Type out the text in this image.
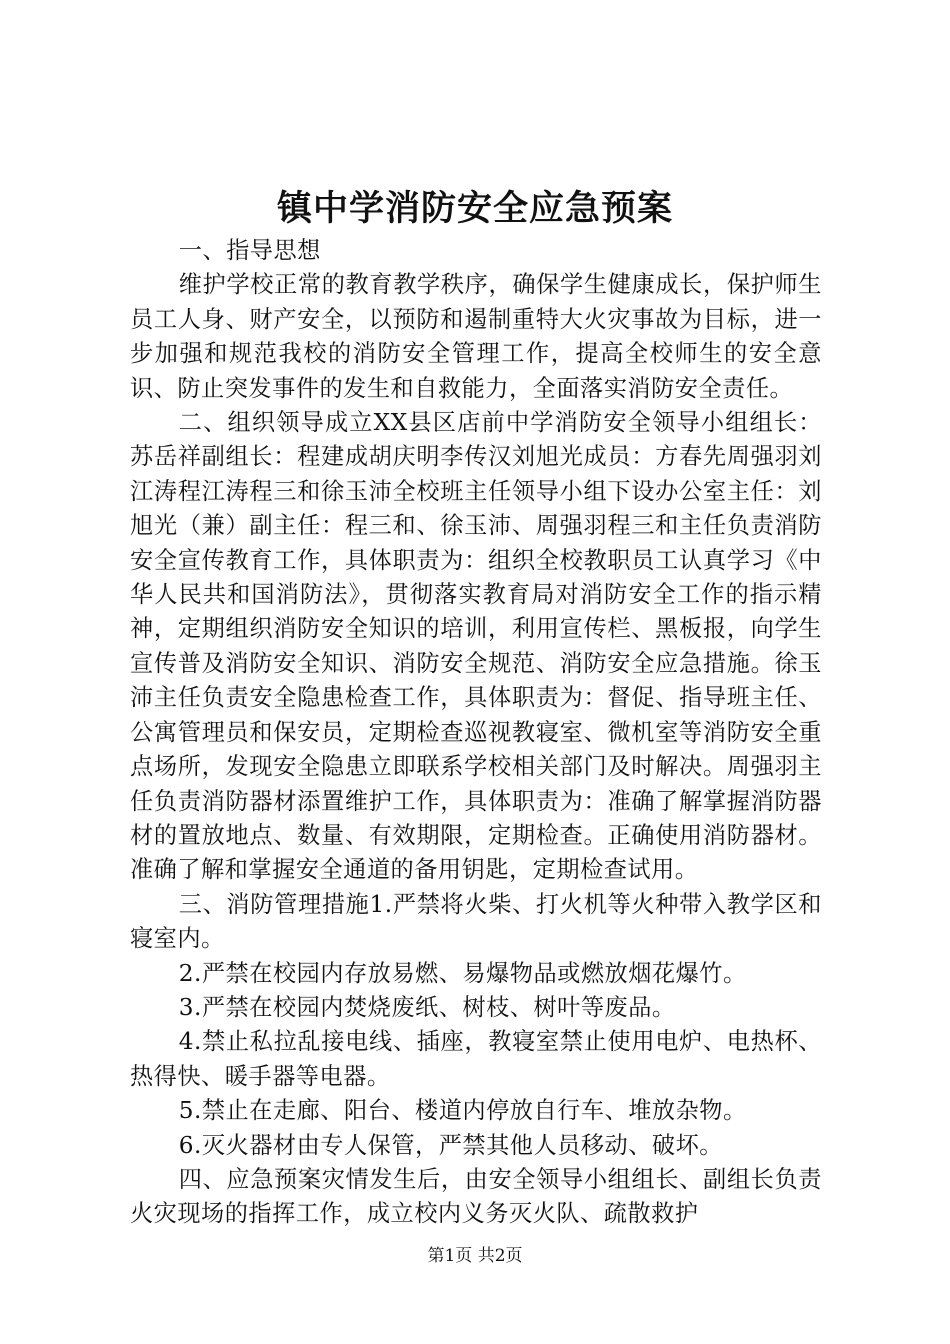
镇中学消防安全应急预案

一、指导思想

维护学校正常的教育教学秩序，确保学生健康成长，保护师生员工人身、财产安全，以预防和遏制重特大火灾事故为目标，进一步加强和规范我校的消防安全管理工作，提高全校师生的安全意识、防止突发事件的发生和自救能力，全面落实消防安全责任。

二、组织领导成立XX县区店前中学消防安全领导小组组长：苏岳祥副组长：程建成胡庆明李传汉刘旭光成员：方春先周强羽刘江涛程江涛程三和徐玉沛全校班主任领导小组下设办公室主任：刘旭光（兼）副主任：程三和、徐玉沛、周强羽程三和主任负责消防安全宣传教育工作，具体职责为：组织全校教职员工认真学习《中华人民共和国消防法》，贯彻落实教育局对消防安全工作的指示精神，定期组织消防安全知识的培训，利用宣传栏、黑板报，向学生宣传普及消防安全知识、消防安全规范、消防安全应急措施。徐玉沛主任负责安全隐患检查工作，具体职责为：督促、指导班主任、公寓管理员和保安员，定期检查巡视教寝室、微机室等消防安全重点场所，发现安全隐患立即联系学校相关部门及时解决。周强羽主任负责消防器材添置维护工作，具体职责为：准确了解掌握消防器材的置放地点、数量、有效期限，定期检查。正确使用消防器材。准确了解和掌握安全通道的备用钥匙，定期检查试用。

三、消防管理措施1.严禁将火柴、打火机等火种带入教学区和寝室内。

2.严禁在校园内存放易燃、易爆物品或燃放烟花爆竹。

3.严禁在校园内焚烧废纸、树枝、树叶等废品。

4.禁止私拉乱接电线、插座，教寝室禁止使用电炉、电热杯、热得快、暖手器等电器。

5.禁止在走廊、阳台、楼道内停放自行车、堆放杂物。

6.灭火器材由专人保管，严禁其他人员移动、破坏。

四、应急预案灾情发生后，由安全领导小组组长、副组长负责火灾现场的指挥工作，成立校内义务灭火队、疏散救护

第1页 共2页
